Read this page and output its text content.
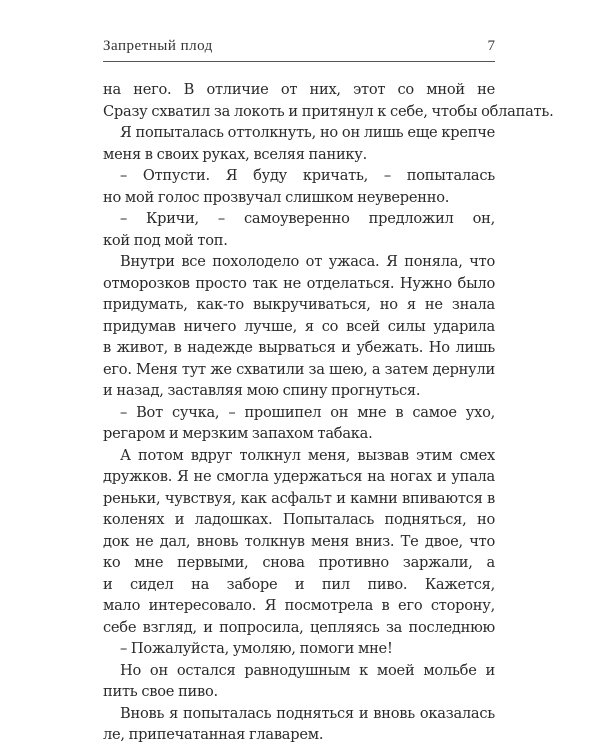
Запретный плод	7
на него. В отличие от них, этот со мной не
Сразу схватил за локоть и притянул к себе, чтобы облапать.
Я попыталась оттолкнуть, но он лишь еще крепче
меня в своих руках, вселяя панику.
– Отпусти. Я буду кричать, – попыталась
но мой голос прозвучал слишком неуверенно.
– Кричи, – самоуверенно предложил он,
кой под мой топ.
Внутри все похолодело от ужаса. Я поняла, что
отморозков просто так не отделаться. Нужно было
придумать, как-то выкручиваться, но я не знала
придумав ничего лучше, я со всей силы ударила
в живот, в надежде вырваться и убежать. Но лишь
его. Меня тут же схватили за шею, а затем дернули
и назад, заставляя мою спину прогнуться.
– Вот сучка, – прошипел он мне в самое ухо,
регаром и мерзким запахом табака.
А потом вдруг толкнул меня, вызвав этим смех
дружков. Я не смогла удержаться на ногах и упала
реньки, чувствуя, как асфальт и камни впиваются в
коленях и ладошках. Попыталась подняться, но
док не дал, вновь толкнув меня вниз. Те двое, что
ко мне первыми, снова противно заржали, а
и сидел на заборе и пил пиво. Кажется,
мало интересовало. Я посмотрела в его сторону,
себе взгляд, и попросила, цепляясь за последнюю
– Пожалуйста, умоляю, помоги мне!
Но он остался равнодушным к моей мольбе и
пить свое пиво.
Вновь я попыталась подняться и вновь оказалась
ле, припечатанная главарем.
